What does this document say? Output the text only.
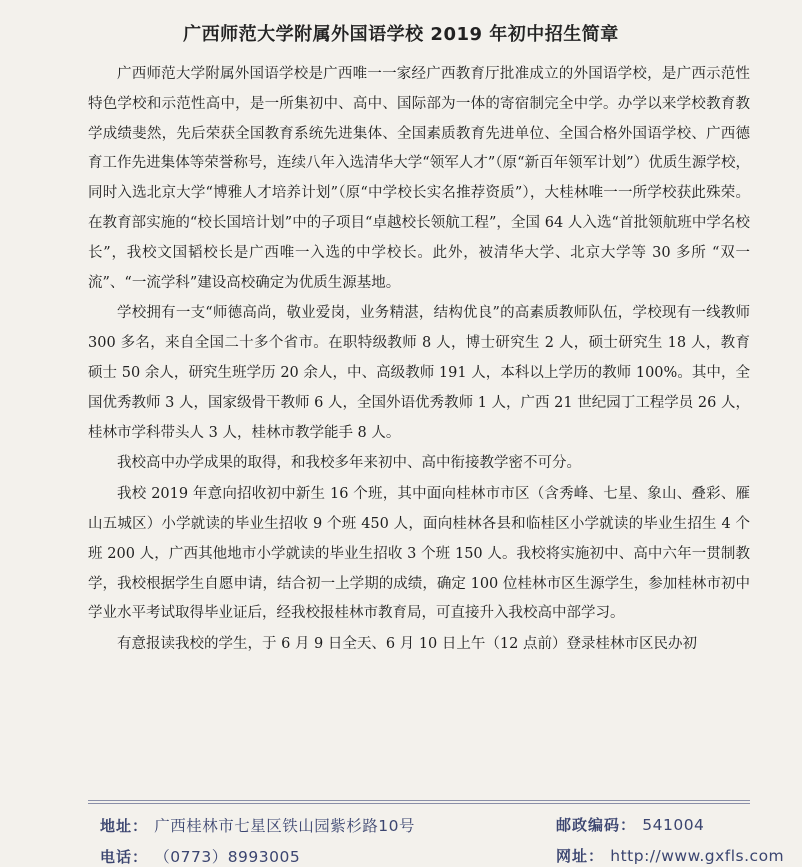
广西师范大学附属外国语学校 2019 年初中招生简章

广西师范大学附属外国语学校是广西唯一一家经广西教育厅批准成立的外国语学校，是广西示范性特色学校和示范性高中，是一所集初中、高中、国际部为一体的寄宿制完全中学。办学以来学校教育教学成绩斐然，先后荣获全国教育系统先进集体、全国素质教育先进单位、全国合格外国语学校、广西德育工作先进集体等荣誉称号，连续八年入选清华大学“领军人才”（原“新百年领军计划”）优质生源学校，同时入选北京大学“博雅人才培养计划”（原“中学校长实名推荐资质”），大桂林唯一一所学校获此殊荣。在教育部实施的“校长国培计划”中的子项目“卓越校长领航工程”，全国 64 人入选“首批领航班中学名校长”，我校文国韬校长是广西唯一入选的中学校长。此外，被清华大学、北京大学等 30 多所 “双一流”、“一流学科”建设高校确定为优质生源基地。

学校拥有一支“师德高尚，敬业爱岗，业务精湛，结构优良”的高素质教师队伍，学校现有一线教师 300 多名，来自全国二十多个省市。在职特级教师 8 人，博士研究生 2 人，硕士研究生 18 人，教育硕士 50 余人，研究生班学历 20 余人，中、高级教师 191 人，本科以上学历的教师 100%。其中，全国优秀教师 3 人，国家级骨干教师 6 人，全国外语优秀教师 1 人，广西 21 世纪园丁工程学员 26 人，桂林市学科带头人 3 人，桂林市教学能手 8 人。

我校高中办学成果的取得，和我校多年来初中、高中衔接教学密不可分。

我校 2019 年意向招收初中新生 16 个班，其中面向桂林市市区（含秀峰、七星、象山、叠彩、雁山五城区）小学就读的毕业生招收 9 个班 450 人，面向桂林各县和临桂区小学就读的毕业生招生 4 个班 200 人，广西其他地市小学就读的毕业生招收 3 个班 150 人。我校将实施初中、高中六年一贯制教学，我校根据学生自愿申请，结合初一上学期的成绩，确定 100 位桂林市区生源学生，参加桂林市初中学业水平考试取得毕业证后，经我校报桂林市教育局，可直接升入我校高中部学习。

有意报读我校的学生，于 6 月 9 日全天、6 月 10 日上午（12 点前）登录桂林市区民办初

地址： 广西桂林市七星区铁山园紫杉路10号	邮政编码： 541004
电话： （0773）8993005	网址： http://www.gxfls.com
